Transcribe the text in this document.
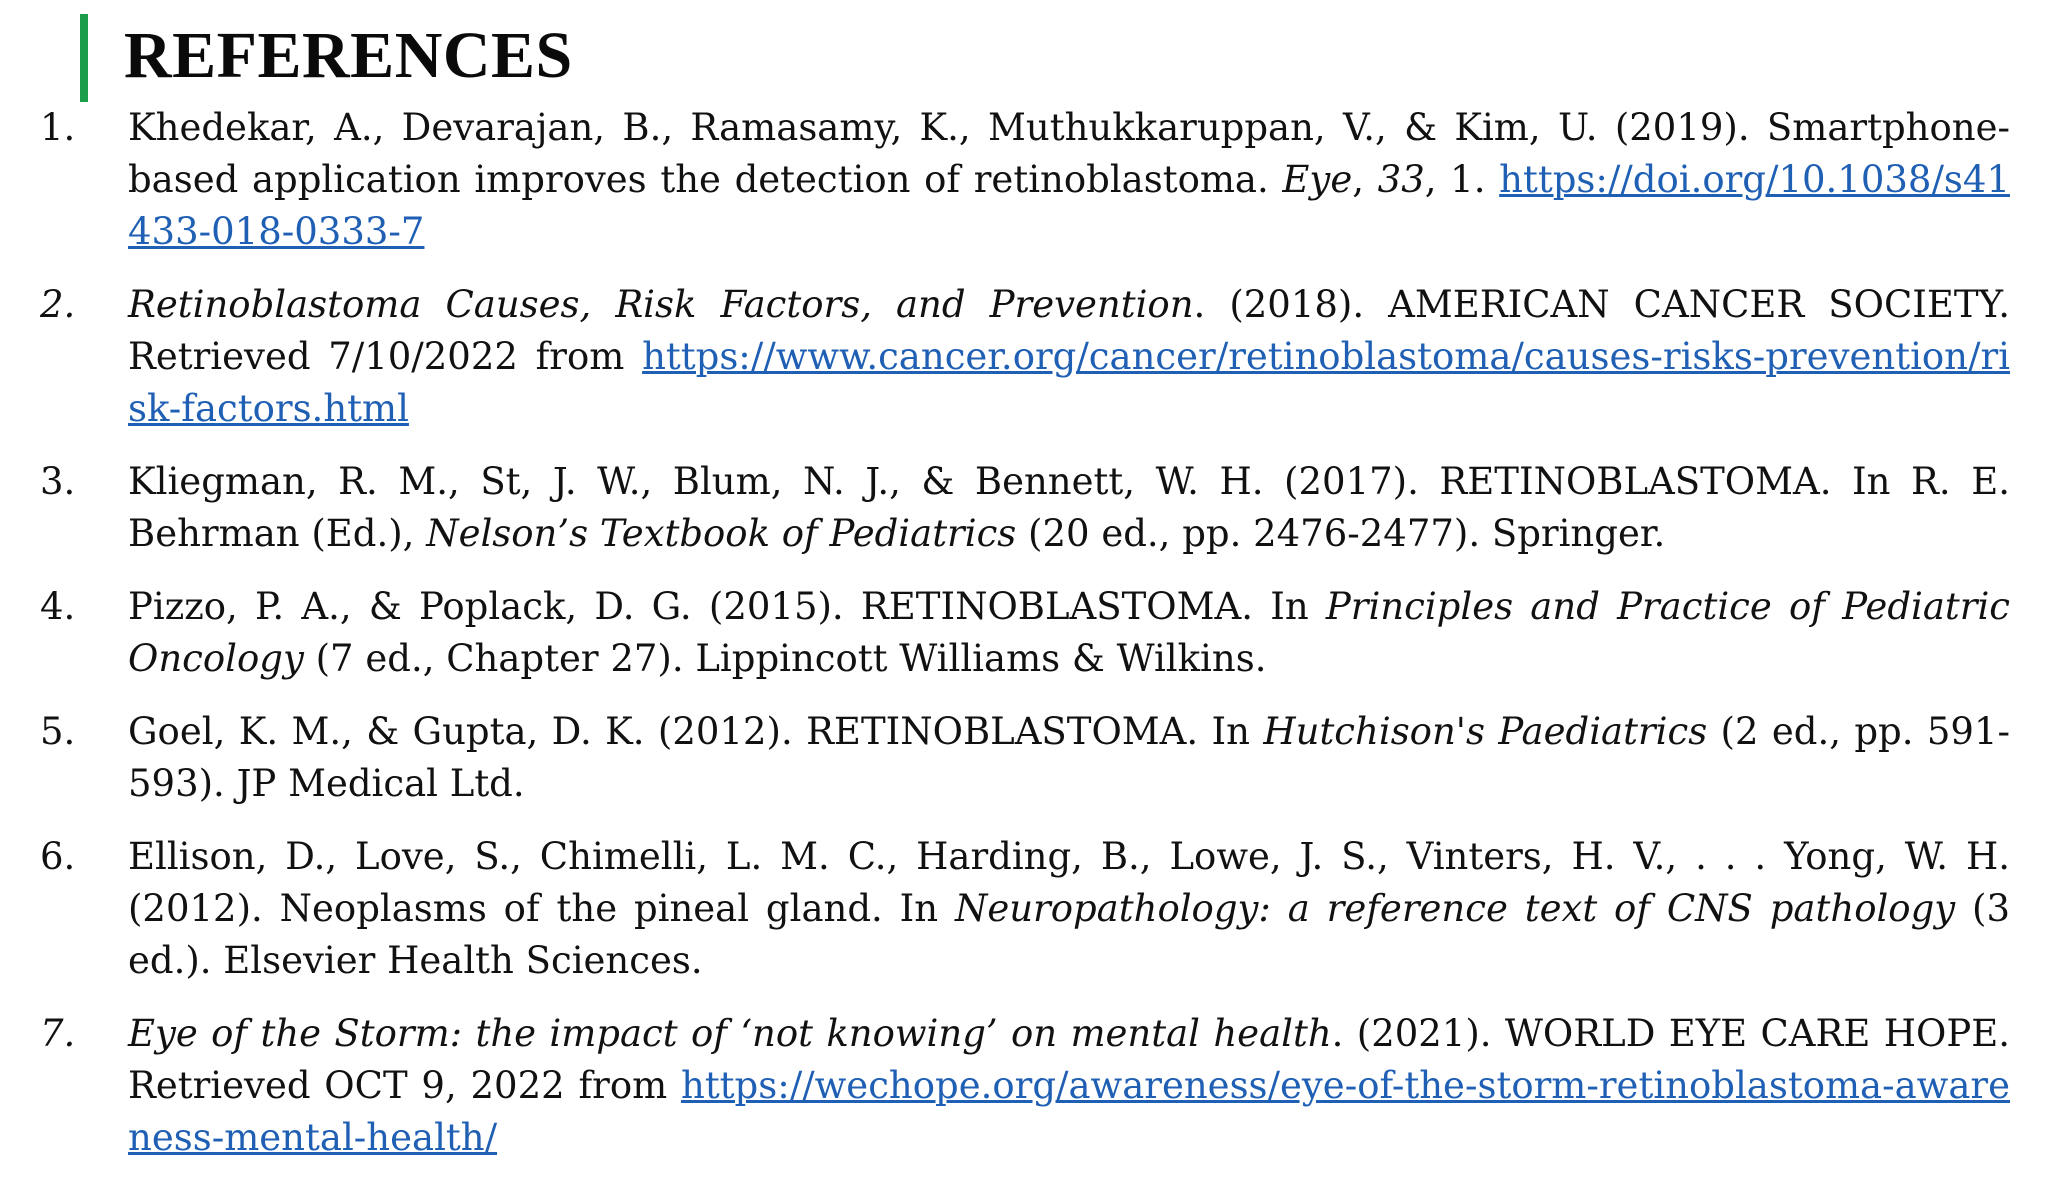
REFERENCES
1.	Khedekar, A., Devarajan, B., Ramasamy, K., Muthukkaruppan, V., & Kim, U. (2019). Smartphone-based application improves the detection of retinoblastoma. Eye, 33, 1. https://doi.org/10.1038/s41433-018-0333-7
2.	Retinoblastoma Causes, Risk Factors, and Prevention. (2018). AMERICAN CANCER SOCIETY. Retrieved 7/10/2022 from https://www.cancer.org/cancer/retinoblastoma/causes-risks-prevention/risk-factors.html
3.	Kliegman, R. M., St, J. W., Blum, N. J., & Bennett, W. H. (2017). RETINOBLASTOMA. In R. E. Behrman (Ed.), Nelson’s Textbook of Pediatrics (20 ed., pp. 2476-2477). Springer.
4.	Pizzo, P. A., & Poplack, D. G. (2015). RETINOBLASTOMA. In Principles and Practice of Pediatric Oncology (7 ed., Chapter 27). Lippincott Williams & Wilkins.
5.	Goel, K. M., & Gupta, D. K. (2012). RETINOBLASTOMA. In Hutchison's Paediatrics (2 ed., pp. 591-593). JP Medical Ltd.
6.	Ellison, D., Love, S., Chimelli, L. M. C., Harding, B., Lowe, J. S., Vinters, H. V., . . . Yong, W. H. (2012). Neoplasms of the pineal gland. In Neuropathology: a reference text of CNS pathology (3 ed.). Elsevier Health Sciences.
7.	Eye of the Storm: the impact of ‘not knowing’ on mental health. (2021). WORLD EYE CARE HOPE. Retrieved OCT 9, 2022 from https://wechope.org/awareness/eye-of-the-storm-retinoblastoma-awareness-mental-health/
